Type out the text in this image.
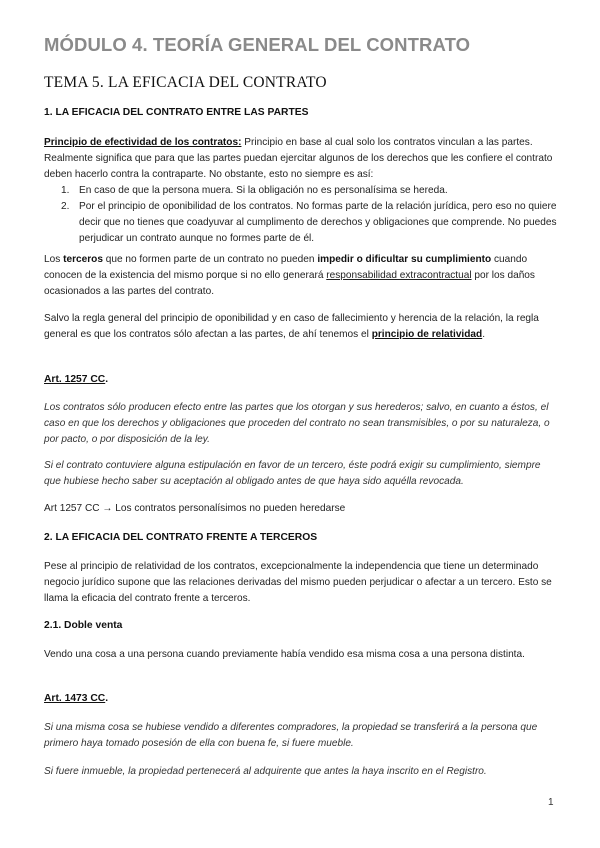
MÓDULO 4. TEORÍA GENERAL DEL CONTRATO
TEMA 5. LA EFICACIA DEL CONTRATO
1. LA EFICACIA DEL CONTRATO ENTRE LAS PARTES
Principio de efectividad de los contratos: Principio en base al cual solo los contratos vinculan a las partes. Realmente significa que para que las partes puedan ejercitar algunos de los derechos que les confiere el contrato deben hacerlo contra la contraparte. No obstante, esto no siempre es así:
1. En caso de que la persona muera. Si la obligación no es personalísima se hereda.
2. Por el principio de oponibilidad de los contratos. No formas parte de la relación jurídica, pero eso no quiere decir que no tienes que coadyuvar al cumplimento de derechos y obligaciones que comprende. No puedes perjudicar un contrato aunque no formes parte de él.
Los terceros que no formen parte de un contrato no pueden impedir o dificultar su cumplimiento cuando conocen de la existencia del mismo porque si no ello generará responsabilidad extracontractual por los daños ocasionados a las partes del contrato.
Salvo la regla general del principio de oponibilidad y en caso de fallecimiento y herencia de la relación, la regla general es que los contratos sólo afectan a las partes, de ahí tenemos el principio de relatividad.
Art. 1257 CC.
Los contratos sólo producen efecto entre las partes que los otorgan y sus herederos; salvo, en cuanto a éstos, el caso en que los derechos y obligaciones que proceden del contrato no sean transmisibles, o por su naturaleza, o por pacto, o por disposición de la ley.
Si el contrato contuviere alguna estipulación en favor de un tercero, éste podrá exigir su cumplimiento, siempre que hubiese hecho saber su aceptación al obligado antes de que haya sido aquélla revocada.
Art 1257 CC → Los contratos personalísimos no pueden heredarse
2. LA EFICACIA DEL CONTRATO FRENTE A TERCEROS
Pese al principio de relatividad de los contratos, excepcionalmente la independencia que tiene un determinado negocio jurídico supone que las relaciones derivadas del mismo pueden perjudicar o afectar a un tercero. Esto se llama la eficacia del contrato frente a terceros.
2.1. Doble venta
Vendo una cosa a una persona cuando previamente había vendido esa misma cosa a una persona distinta.
Art. 1473 CC.
Si una misma cosa se hubiese vendido a diferentes compradores, la propiedad se transferirá a la persona que primero haya tomado posesión de ella con buena fe, si fuere mueble.
Si fuere inmueble, la propiedad pertenecerá al adquirente que antes la haya inscrito en el Registro.
1
